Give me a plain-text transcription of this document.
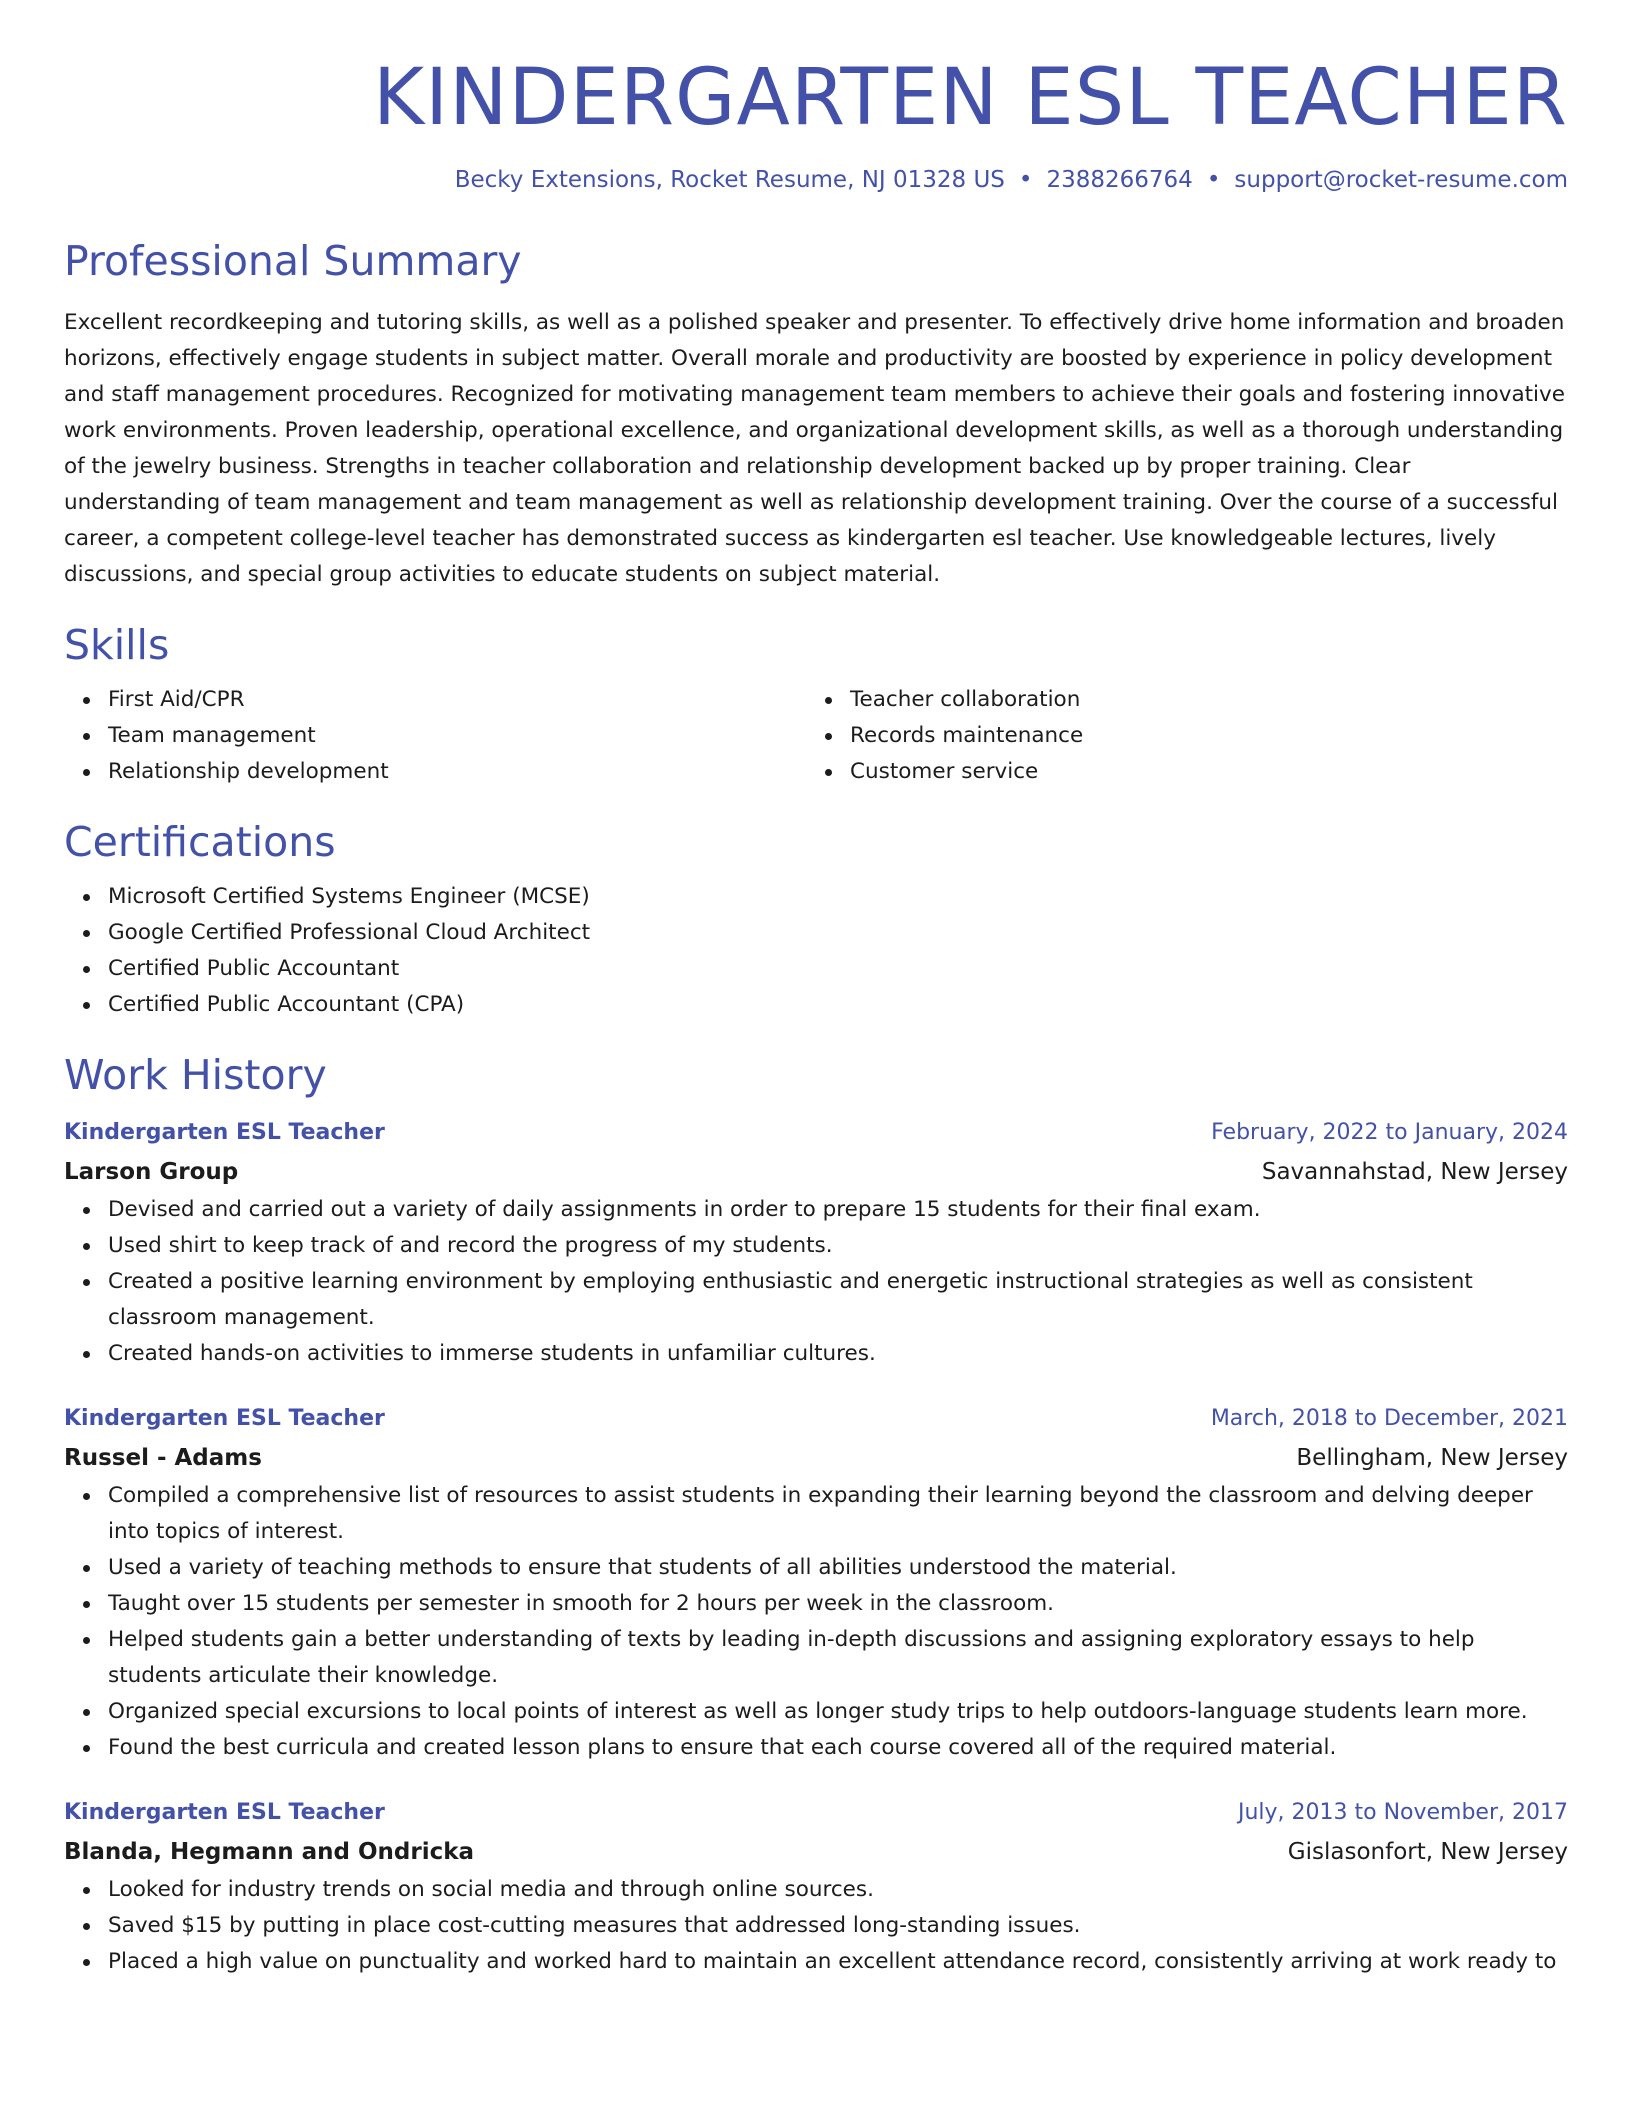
KINDERGARTEN ESL TEACHER
Becky Extensions, Rocket Resume, NJ 01328 US • 2388266764 • support@rocket-resume.com
Professional Summary

Excellent recordkeeping and tutoring skills, as well as a polished speaker and presenter. To effectively drive home information and broaden horizons, effectively engage students in subject matter. Overall morale and productivity are boosted by experience in policy development and staff management procedures. Recognized for motivating management team members to achieve their goals and fostering innovative work environments. Proven leadership, operational excellence, and organizational development skills, as well as a thorough understanding of the jewelry business. Strengths in teacher collaboration and relationship development backed up by proper training. Clear understanding of team management and team management as well as relationship development training. Over the course of a successful career, a competent college-level teacher has demonstrated success as kindergarten esl teacher. Use knowledgeable lectures, lively discussions, and special group activities to educate students on subject material.

Skills
First Aid/CPR
Team management
Relationship development
Teacher collaboration
Records maintenance
Customer service
Certifications
Microsoft Certified Systems Engineer (MCSE)
Google Certified Professional Cloud Architect
Certified Public Accountant
Certified Public Accountant (CPA)
Work History
Kindergarten ESL Teacher	February, 2022 to January, 2024
Larson Group	Savannahstad, New Jersey
Devised and carried out a variety of daily assignments in order to prepare 15 students for their final exam.
Used shirt to keep track of and record the progress of my students.
Created a positive learning environment by employing enthusiastic and energetic instructional strategies as well as consistent classroom management.
Created hands-on activities to immerse students in unfamiliar cultures.
Kindergarten ESL Teacher	March, 2018 to December, 2021
Russel - Adams	Bellingham, New Jersey
Compiled a comprehensive list of resources to assist students in expanding their learning beyond the classroom and delving deeper into topics of interest.
Used a variety of teaching methods to ensure that students of all abilities understood the material.
Taught over 15 students per semester in smooth for 2 hours per week in the classroom.
Helped students gain a better understanding of texts by leading in-depth discussions and assigning exploratory essays to help students articulate their knowledge.
Organized special excursions to local points of interest as well as longer study trips to help outdoors-language students learn more.
Found the best curricula and created lesson plans to ensure that each course covered all of the required material.
Kindergarten ESL Teacher	July, 2013 to November, 2017
Blanda, Hegmann and Ondricka	Gislasonfort, New Jersey
Looked for industry trends on social media and through online sources.
Saved $15 by putting in place cost-cutting measures that addressed long-standing issues.
Placed a high value on punctuality and worked hard to maintain an excellent attendance record, consistently arriving at work ready to
